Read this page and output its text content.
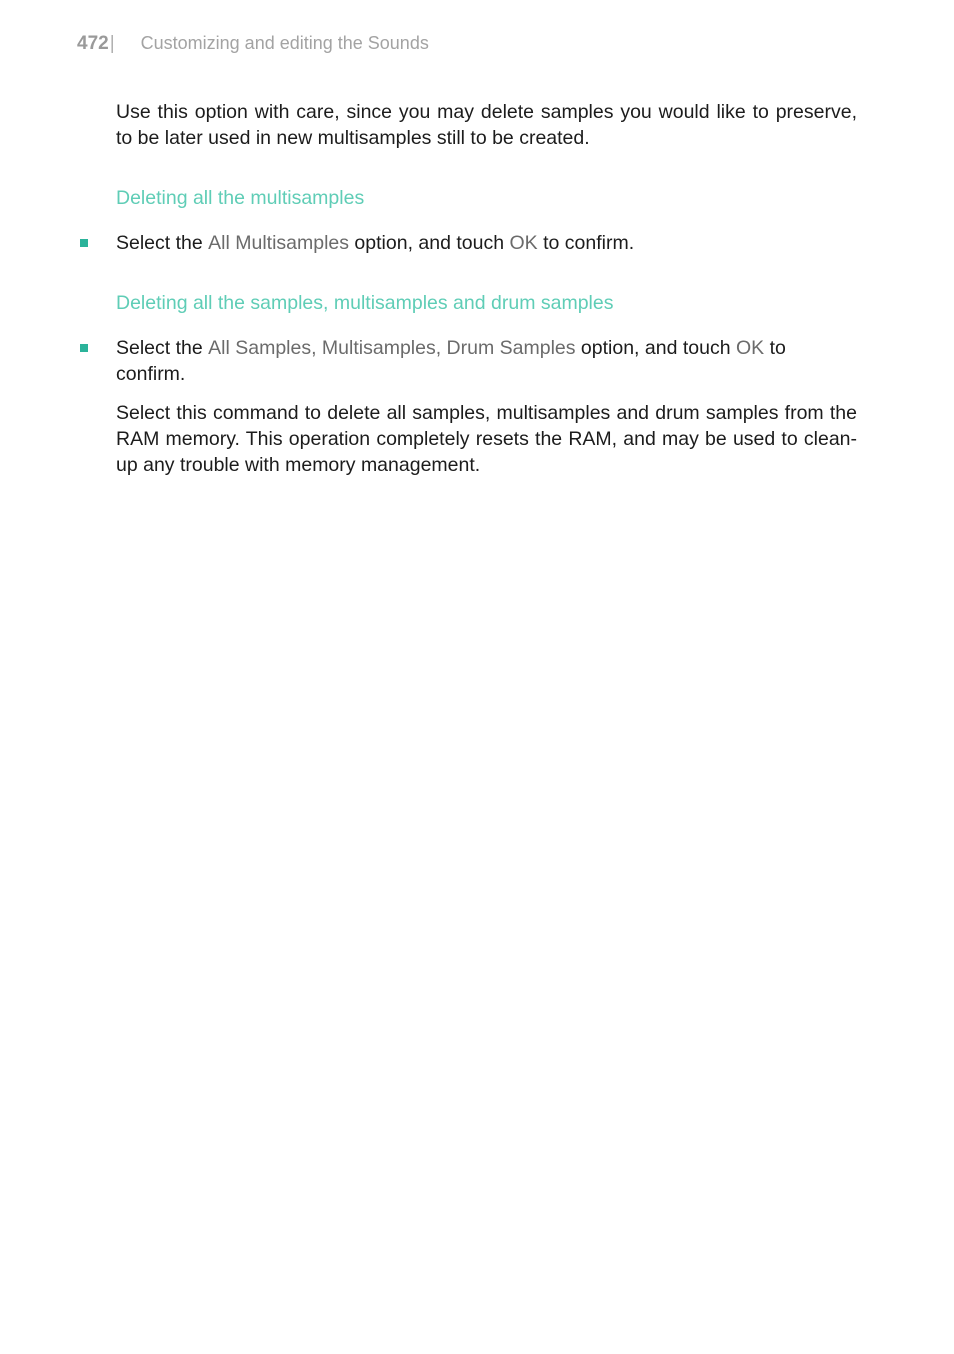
472 | Customizing and editing the Sounds

Use this option with care, since you may delete samples you would like to preserve, to be later used in new multisamples still to be created.

Deleting all the multisamples

Select the All Multisamples option, and touch OK to confirm.

Deleting all the samples, multisamples and drum samples

Select the All Samples, Multisamples, Drum Samples option, and touch OK to confirm.

Select this command to delete all samples, multisamples and drum samples from the RAM memory. This operation completely resets the RAM, and may be used to clean-up any trouble with memory management.
